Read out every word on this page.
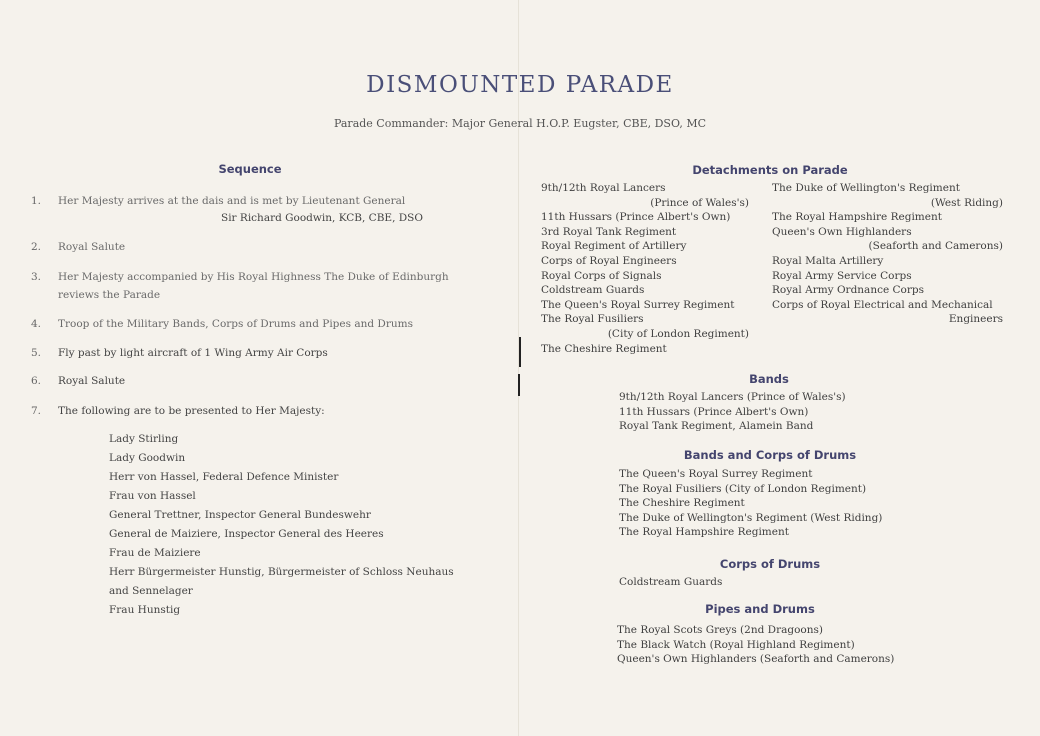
DISMOUNTED PARADE
Parade Commander: Major General H.O.P. Eugster, CBE, DSO, MC
Sequence
1. Her Majesty arrives at the dais and is met by Lieutenant General
Sir Richard Goodwin, KCB, CBE, DSO
2. Royal Salute
3. Her Majesty accompanied by His Royal Highness The Duke of Edinburgh
reviews the Parade
4. Troop of the Military Bands, Corps of Drums and Pipes and Drums
5. Fly past by light aircraft of 1 Wing Army Air Corps
6. Royal Salute
7. The following are to be presented to Her Majesty:
Lady Stirling
Lady Goodwin
Herr von Hassel, Federal Defence Minister
Frau von Hassel
General Trettner, Inspector General Bundeswehr
General de Maiziere, Inspector General des Heeres
Frau de Maiziere
Herr Bürgermeister Hunstig, Bürgermeister of Schloss Neuhaus
and Sennelager
Frau Hunstig
Detachments on Parade
9th/12th Royal Lancers
(Prince of Wales's)
11th Hussars (Prince Albert's Own)
3rd Royal Tank Regiment
Royal Regiment of Artillery
Corps of Royal Engineers
Royal Corps of Signals
Coldstream Guards
The Queen's Royal Surrey Regiment
The Royal Fusiliers
(City of London Regiment)
The Cheshire Regiment
The Duke of Wellington's Regiment
(West Riding)
The Royal Hampshire Regiment
Queen's Own Highlanders
(Seaforth and Camerons)
Royal Malta Artillery
Royal Army Service Corps
Royal Army Ordnance Corps
Corps of Royal Electrical and Mechanical
Engineers
Bands
9th/12th Royal Lancers (Prince of Wales's)
11th Hussars (Prince Albert's Own)
Royal Tank Regiment, Alamein Band
Bands and Corps of Drums
The Queen's Royal Surrey Regiment
The Royal Fusiliers (City of London Regiment)
The Cheshire Regiment
The Duke of Wellington's Regiment (West Riding)
The Royal Hampshire Regiment
Corps of Drums
Coldstream Guards
Pipes and Drums
The Royal Scots Greys (2nd Dragoons)
The Black Watch (Royal Highland Regiment)
Queen's Own Highlanders (Seaforth and Camerons)
